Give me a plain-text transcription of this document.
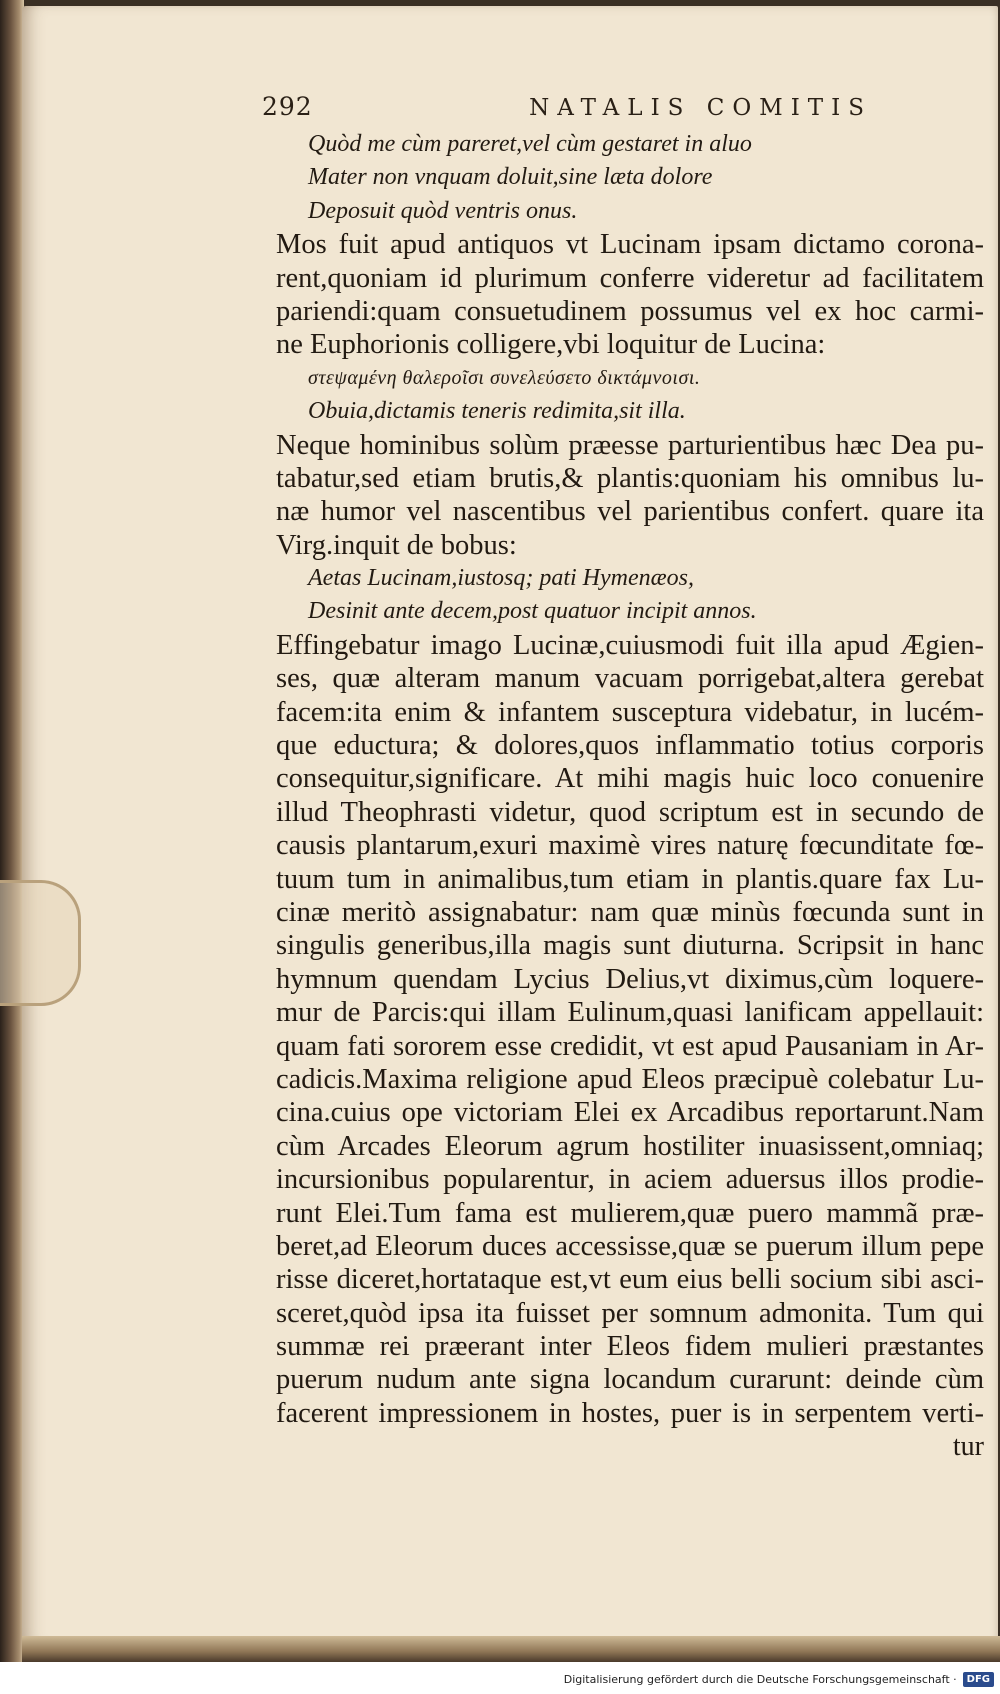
292	NATALIS COMITIS
Quòd me cùm pareret,vel cùm gestaret in aluo
Mater non vnquam doluit,sine læta dolore
Deposuit quòd ventris onus.
Mos fuit apud antiquos vt Lucinam ipsam dictamo corona-
rent,quoniam id plurimum conferre videretur ad facilitatem
pariendi:quam consuetudinem possumus vel ex hoc carmi-
ne Euphorionis colligere,vbi loquitur de Lucina:
στεψαμένη θαλεροῖσι συνελεύσετο δικτάμνοισι.
Obuia,dictamis teneris redimita,sit illa.
Neque hominibus solùm præesse parturientibus hæc Dea pu-
tabatur,sed etiam brutis,& plantis:quoniam his omnibus lu-
næ humor vel nascentibus vel parientibus confert. quare ita
Virg.inquit de bobus:
Aetas Lucinam,iustosq; pati Hymenæos,
Desinit ante decem,post quatuor incipit annos.
Effingebatur imago Lucinæ,cuiusmodi fuit illa apud Ægien-
ses, quæ alteram manum vacuam porrigebat,altera gerebat
facem:ita enim & infantem susceptura videbatur, in lucém-
que eductura; & dolores,quos inflammatio totius corporis
consequitur,significare. At mihi magis huic loco conuenire
illud Theophrasti videtur, quod scriptum est in secundo de
causis plantarum,exuri maximè vires naturę fœcunditate fœ-
tuum tum in animalibus,tum etiam in plantis.quare fax Lu-
cinæ meritò assignabatur: nam quæ minùs fœcunda sunt in
singulis generibus,illa magis sunt diuturna. Scripsit in hanc
hymnum quendam Lycius Delius,vt diximus,cùm loquere-
mur de Parcis:qui illam Eulinum,quasi lanificam appellauit:
quam fati sororem esse credidit, vt est apud Pausaniam in Ar-
cadicis.Maxima religione apud Eleos præcipuè colebatur Lu-
cina.cuius ope victoriam Elei ex Arcadibus reportarunt.Nam
cùm Arcades Eleorum agrum hostiliter inuasissent,omniaq;
incursionibus popularentur, in aciem aduersus illos prodie-
runt Elei.Tum fama est mulierem,quæ puero mammã præ-
beret,ad Eleorum duces accessisse,quæ se puerum illum pepe
risse diceret,hortataque est,vt eum eius belli socium sibi asci-
sceret,quòd ipsa ita fuisset per somnum admonita. Tum qui
summæ rei præerant inter Eleos fidem mulieri præstantes
puerum nudum ante signa locandum curarunt: deinde cùm
facerent impressionem in hostes, puer is in serpentem verti-
tur
Digitalisierung gefördert durch die Deutsche Forschungsgemeinschaft ·	DFG
